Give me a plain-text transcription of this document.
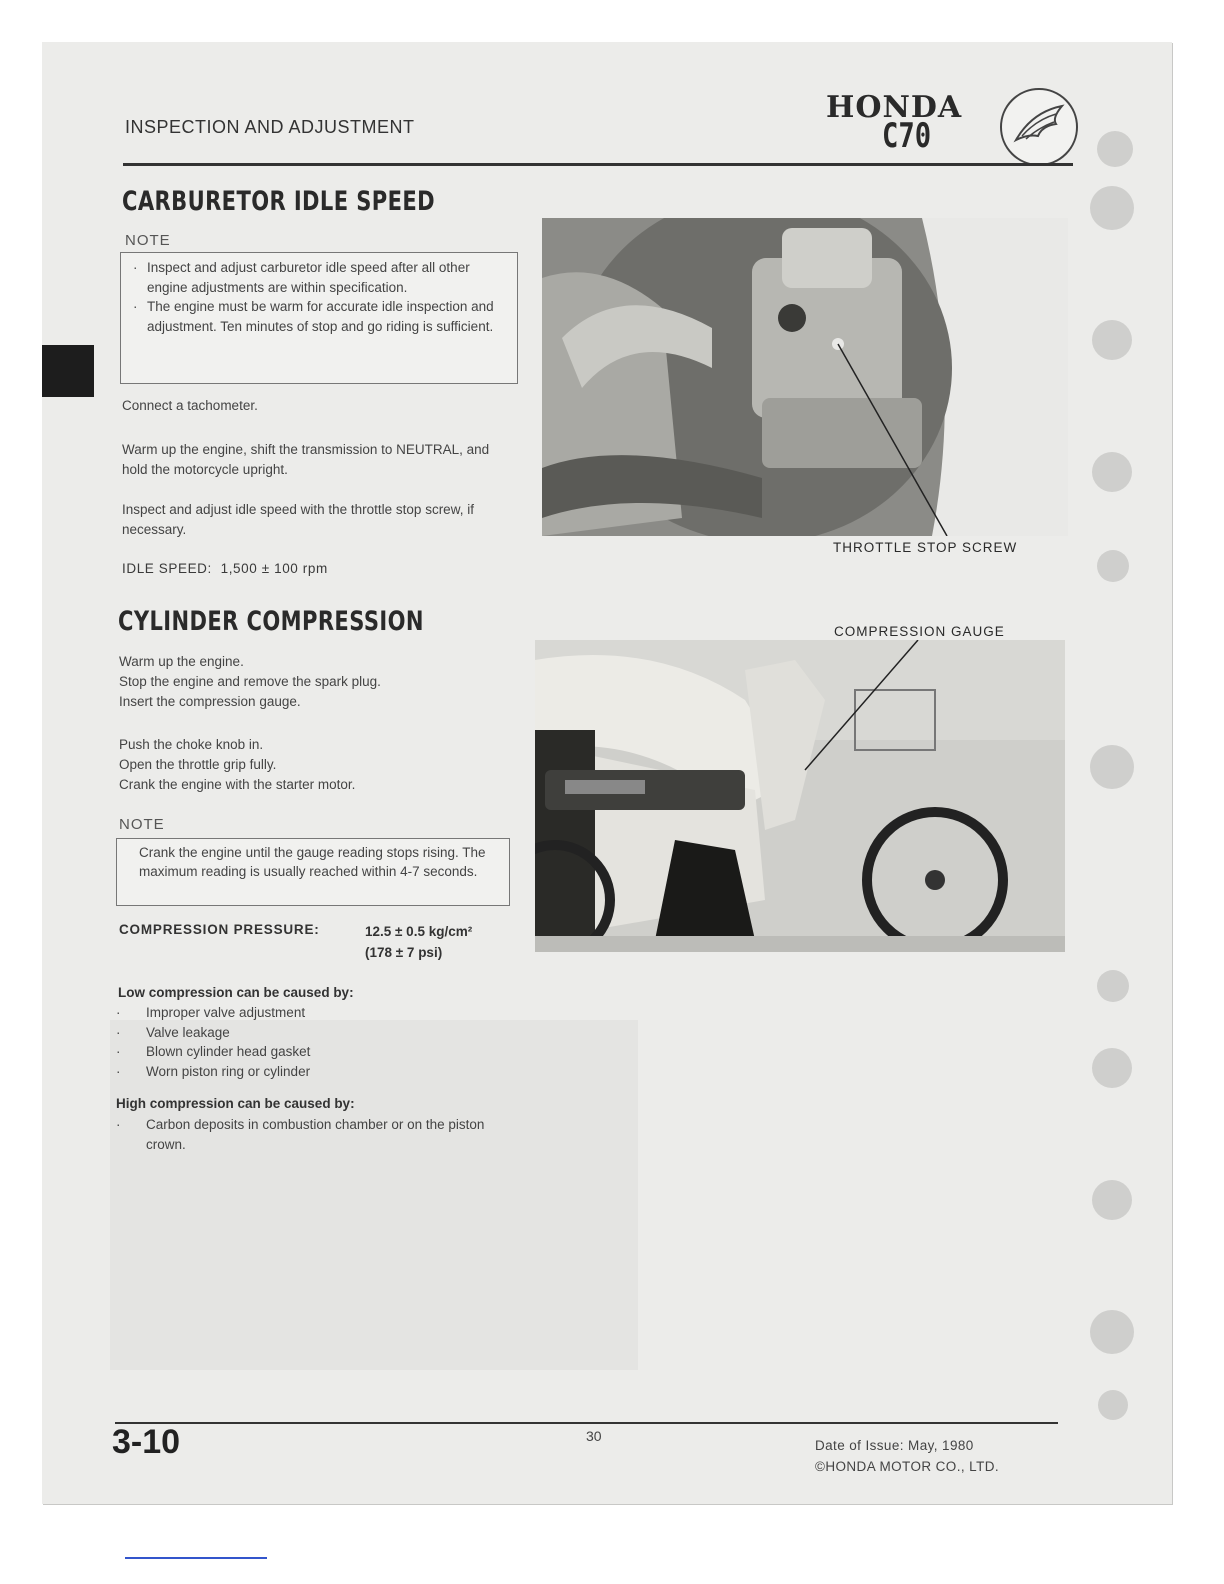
INSPECTION AND ADJUSTMENT
HONDA
C70
CARBURETOR IDLE SPEED
NOTE
· Inspect and adjust carburetor idle speed after all other engine adjustments are within specification.
· The engine must be warm for accurate idle inspection and adjustment. Ten minutes of stop and go riding is sufficient.
Connect a tachometer.
Warm up the engine, shift the transmission to NEUTRAL, and hold the motorcycle upright.
Inspect and adjust idle speed with the throttle stop screw, if necessary.
IDLE SPEED: 1,500 ± 100 rpm
THROTTLE STOP SCREW
CYLINDER COMPRESSION
Warm up the engine.
Stop the engine and remove the spark plug.
Insert the compression gauge.
Push the choke knob in.
Open the throttle grip fully.
Crank the engine with the starter motor.
NOTE
Crank the engine until the gauge reading stops rising. The maximum reading is usually reached within 4-7 seconds.
COMPRESSION PRESSURE:	12.5 ± 0.5 kg/cm²
(178 ± 7 psi)
Low compression can be caused by:
·	Improper valve adjustment
·	Valve leakage
·	Blown cylinder head gasket
·	Worn piston ring or cylinder
High compression can be caused by:
·	Carbon deposits in combustion chamber or on the piston crown.
COMPRESSION GAUGE
3-10	30
Date of Issue: May, 1980
©HONDA MOTOR CO., LTD.
